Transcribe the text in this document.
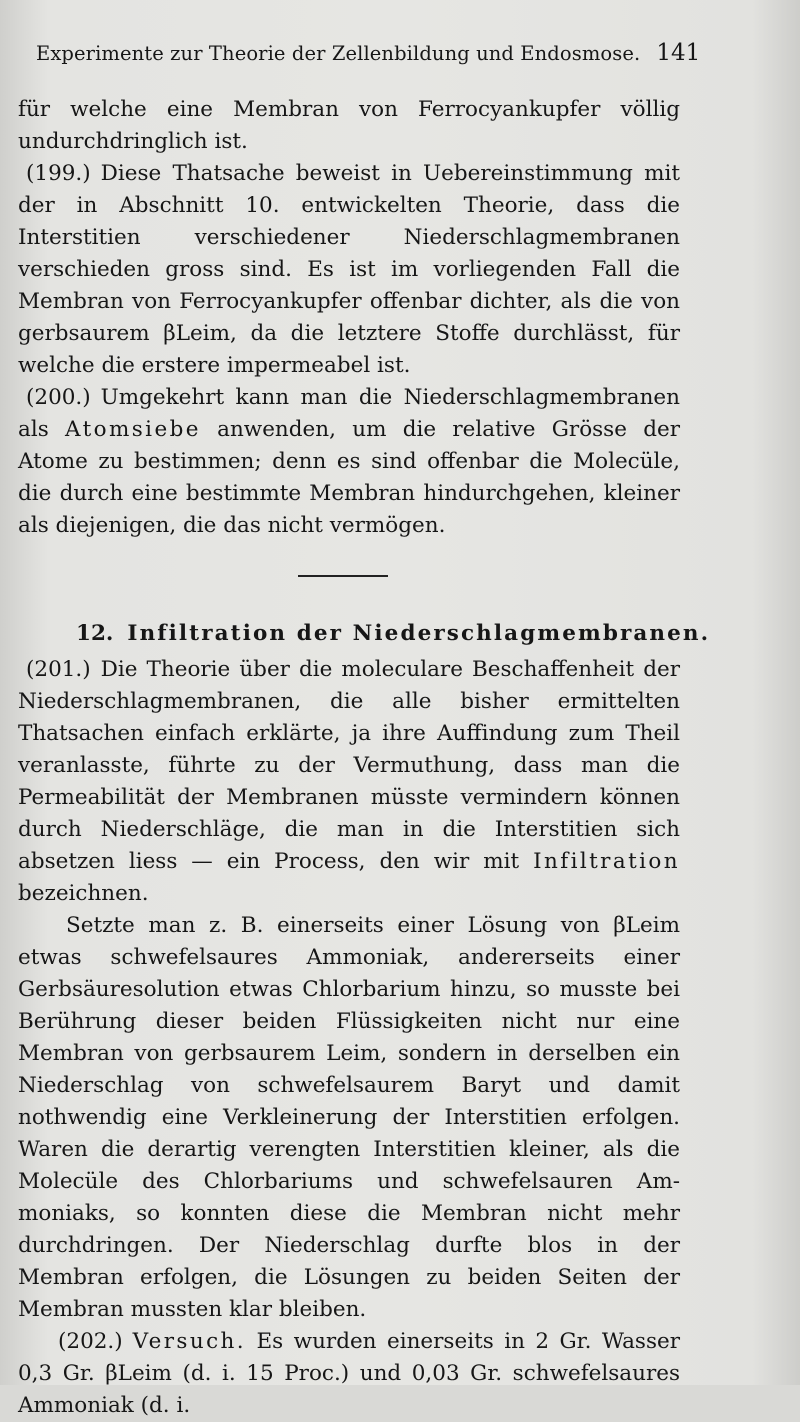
Experimente zur Theorie der Zellenbildung und Endosmose. 141

für welche eine Membran von Ferrocyankupfer völlig undurchdringlich ist.

(199.) Diese Thatsache beweist in Uebereinstimmung mit der in Abschnitt 10. entwickelten Theorie, dass die Interstitien verschiedener Niederschlagmembranen verschieden gross sind. Es ist im vorliegenden Fall die Membran von Ferrocyankupfer offenbar dichter, als die von gerbsaurem βLeim, da die letztere Stoffe durchlässt, für welche die erstere impermeabel ist.

(200.) Umgekehrt kann man die Niederschlagmembranen als Atomsiebe anwenden, um die relative Grösse der Atome zu bestimmen; denn es sind offenbar die Molecüle, die durch eine bestimmte Membran hindurchgehen, kleiner als diejenigen, die das nicht vermögen.

12. Infiltration der Niederschlagmembranen.

(201.) Die Theorie über die moleculare Beschaffenheit der Niederschlagmembranen, die alle bisher ermittelten Thatsachen einfach erklärte, ja ihre Auffindung zum Theil veranlasste, führte zu der Vermuthung, dass man die Permeabilität der Membranen müsste vermindern können durch Niederschläge, die man in die Interstitien sich absetzen liess — ein Process, den wir mit Infiltration bezeichnen.

Setzte man z. B. einerseits einer Lösung von βLeim etwas schwefelsaures Ammoniak, andererseits einer Gerbsäuresolution etwas Chlorbarium hinzu, so musste bei Berührung dieser beiden Flüssigkeiten nicht nur eine Membran von gerbsaurem Leim, sondern in derselben ein Niederschlag von schwefelsaurem Baryt und damit nothwendig eine Verkleinerung der Interstitien erfolgen. Waren die derartig verengten Interstitien kleiner, als die Molecüle des Chlorbariums und schwefelsauren Ammoniaks, so konnten diese die Membran nicht mehr durchdringen. Der Niederschlag durfte blos in der Membran erfolgen, die Lösungen zu beiden Seiten der Membran mussten klar bleiben.

(202.) Versuch. Es wurden einerseits in 2 Gr. Wasser 0,3 Gr. βLeim (d. i. 15 Proc.) und 0,03 Gr. schwefelsaures Ammoniak (d. i.
